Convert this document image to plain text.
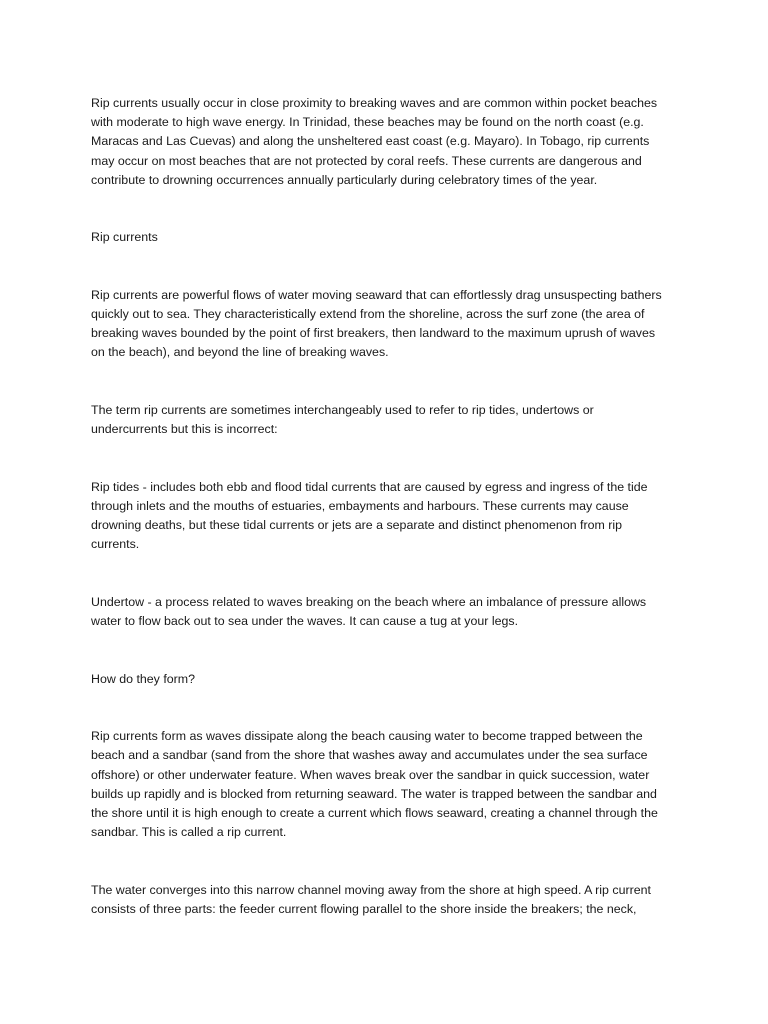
Rip currents usually occur in close proximity to breaking waves and are common within pocket beaches
with moderate to high wave energy. In Trinidad, these beaches may be found on the north coast (e.g.
Maracas and Las Cuevas) and along the unsheltered east coast (e.g. Mayaro). In Tobago, rip currents
may occur on most beaches that are not protected by coral reefs. These currents are dangerous and
contribute to drowning occurrences annually particularly during celebratory times of the year.

Rip currents

Rip currents are powerful flows of water moving seaward that can effortlessly drag unsuspecting bathers
quickly out to sea. They characteristically extend from the shoreline, across the surf zone (the area of
breaking waves bounded by the point of first breakers, then landward to the maximum uprush of waves
on the beach), and beyond the line of breaking waves.

The term rip currents are sometimes interchangeably used to refer to rip tides, undertows or
undercurrents but this is incorrect:

Rip tides - includes both ebb and flood tidal currents that are caused by egress and ingress of the tide
through inlets and the mouths of estuaries, embayments and harbours. These currents may cause
drowning deaths, but these tidal currents or jets are a separate and distinct phenomenon from rip
currents.

Undertow - a process related to waves breaking on the beach where an imbalance of pressure allows
water to flow back out to sea under the waves. It can cause a tug at your legs.

How do they form?

Rip currents form as waves dissipate along the beach causing water to become trapped between the
beach and a sandbar (sand from the shore that washes away and accumulates under the sea surface
offshore) or other underwater feature. When waves break over the sandbar in quick succession, water
builds up rapidly and is blocked from returning seaward. The water is trapped between the sandbar and
the shore until it is high enough to create a current which flows seaward, creating a channel through the
sandbar. This is called a rip current.

The water converges into this narrow channel moving away from the shore at high speed. A rip current
consists of three parts: the feeder current flowing parallel to the shore inside the breakers; the neck,
